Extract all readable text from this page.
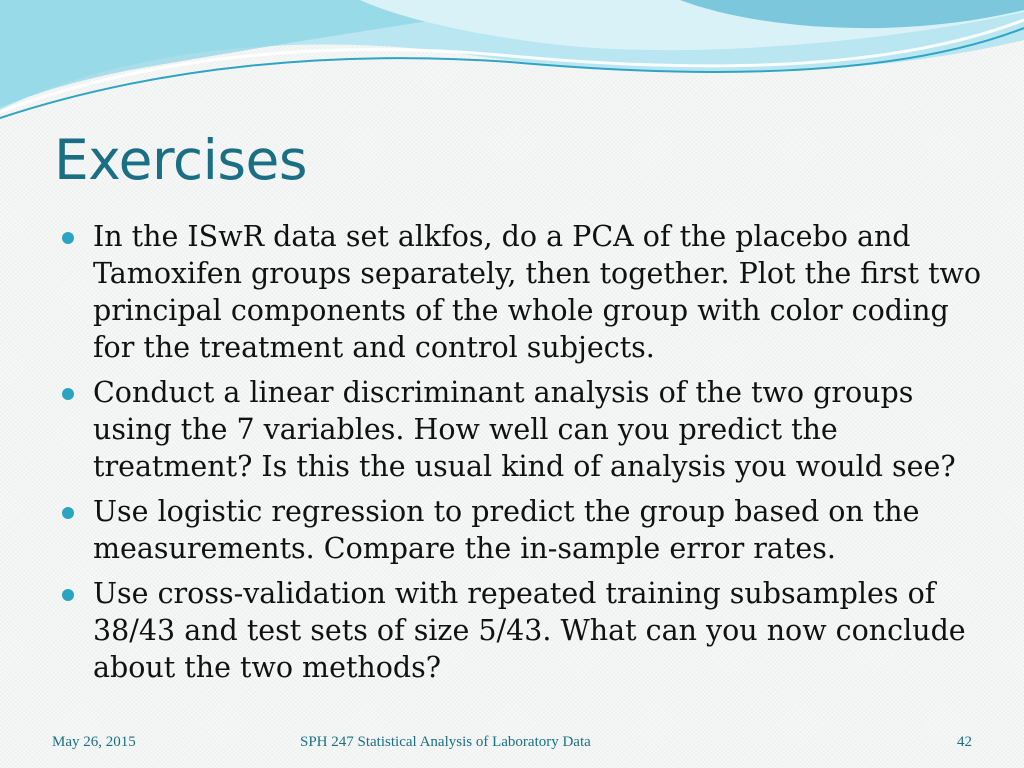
Exercises
In the ISwR data set alkfos, do a PCA of the placebo and Tamoxifen groups separately, then together. Plot the first two principal components of the whole group with color coding for the treatment and control subjects.
Conduct a linear discriminant analysis of the two groups using the 7 variables. How well can you predict the treatment? Is this the usual kind of analysis you would see?
Use logistic regression to predict the group based on the measurements. Compare the in-sample error rates.
Use cross-validation with repeated training subsamples of 38/43 and test sets of size 5/43. What can you now conclude about the two methods?

May 26, 2015	SPH 247 Statistical Analysis of Laboratory Data	42
